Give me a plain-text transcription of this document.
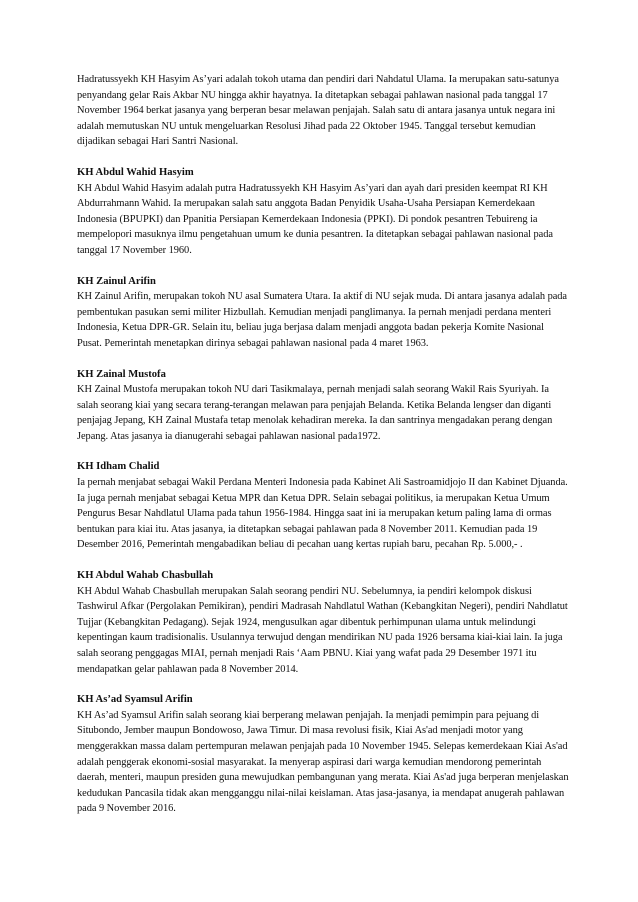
Hadratussyekh KH Hasyim As’yari adalah tokoh utama dan pendiri dari Nahdatul Ulama. Ia merupakan satu-satunya penyandang gelar Rais Akbar NU hingga akhir hayatnya. Ia ditetapkan sebagai pahlawan nasional pada tanggal 17 November 1964 berkat jasanya yang berperan besar melawan penjajah. Salah satu di antara jasanya untuk negara ini adalah memutuskan NU untuk mengeluarkan Resolusi Jihad pada 22 Oktober 1945. Tanggal tersebut kemudian dijadikan sebagai Hari Santri Nasional.

KH Abdul Wahid Hasyim

KH Abdul Wahid Hasyim adalah putra Hadratussyekh KH Hasyim As’yari dan ayah dari presiden keempat RI KH Abdurrahmann Wahid. Ia merupakan salah satu anggota Badan Penyidik Usaha-Usaha Persiapan Kemerdekaan Indonesia (BPUPKI) dan Ppanitia Persiapan Kemerdekaan Indonesia (PPKI). Di pondok pesantren Tebuireng ia mempelopori masuknya ilmu pengetahuan umum ke dunia pesantren. Ia ditetapkan sebagai pahlawan nasional pada tanggal 17 November 1960.

KH Zainul Arifin

KH Zainul Arifin, merupakan tokoh NU asal Sumatera Utara. Ia aktif di NU sejak muda. Di antara jasanya adalah pada pembentukan pasukan semi militer Hizbullah. Kemudian menjadi panglimanya. Ia pernah menjadi perdana menteri Indonesia, Ketua DPR-GR. Selain itu, beliau juga berjasa dalam menjadi anggota badan pekerja Komite Nasional Pusat. Pemerintah menetapkan dirinya sebagai pahlawan nasional pada 4 maret 1963.

KH Zainal Mustofa

KH Zainal Mustofa merupakan tokoh NU dari Tasikmalaya, pernah menjadi salah seorang Wakil Rais Syuriyah. Ia salah seorang kiai yang secara terang-terangan melawan para penjajah Belanda. Ketika Belanda lengser dan diganti penjajag Jepang, KH Zainal Mustafa tetap menolak kehadiran mereka. Ia dan santrinya mengadakan perang dengan Jepang. Atas jasanya ia dianugerahi sebagai pahlawan nasional pada1972.

KH Idham Chalid

Ia pernah menjabat sebagai Wakil Perdana Menteri Indonesia pada Kabinet Ali Sastroamidjojo II dan Kabinet Djuanda. Ia juga pernah menjabat sebagai Ketua MPR dan Ketua DPR. Selain sebagai politikus, ia merupakan Ketua Umum Pengurus Besar Nahdlatul Ulama pada tahun 1956-1984. Hingga saat ini ia merupakan ketum paling lama di ormas bentukan para kiai itu. Atas jasanya, ia ditetapkan sebagai pahlawan pada 8 November 2011. Kemudian pada 19 Desember 2016, Pemerintah mengabadikan beliau di pecahan uang kertas rupiah baru, pecahan Rp. 5.000,- .

KH Abdul Wahab Chasbullah

KH Abdul Wahab Chasbullah merupakan Salah seorang pendiri NU. Sebelumnya, ia pendiri kelompok diskusi Tashwirul Afkar (Pergolakan Pemikiran), pendiri Madrasah Nahdlatul Wathan (Kebangkitan Negeri), pendiri Nahdlatut Tujjar (Kebangkitan Pedagang). Sejak 1924, mengusulkan agar dibentuk perhimpunan ulama untuk melindungi kepentingan kaum tradisionalis. Usulannya terwujud dengan mendirikan NU pada 1926 bersama kiai-kiai lain. Ia juga salah seorang penggagas MIAI, pernah menjadi Rais ‘Aam PBNU. Kiai yang wafat pada 29 Desember 1971 itu mendapatkan gelar pahlawan pada 8 November 2014.

KH As’ad Syamsul Arifin

KH As’ad Syamsul Arifin salah seorang kiai berperang melawan penjajah. Ia menjadi pemimpin para pejuang di Situbondo, Jember maupun Bondowoso, Jawa Timur. Di masa revolusi fisik, Kiai As'ad menjadi motor yang menggerakkan massa dalam pertempuran melawan penjajah pada 10 November 1945. Selepas kemerdekaan Kiai As'ad adalah penggerak ekonomi-sosial masyarakat. Ia menyerap aspirasi dari warga kemudian mendorong pemerintah daerah, menteri, maupun presiden guna mewujudkan pembangunan yang merata. Kiai As'ad juga berperan menjelaskan kedudukan Pancasila tidak akan mengganggu nilai-nilai keislaman. Atas jasa-jasanya, ia mendapat anugerah pahlawan pada 9 November 2016.
